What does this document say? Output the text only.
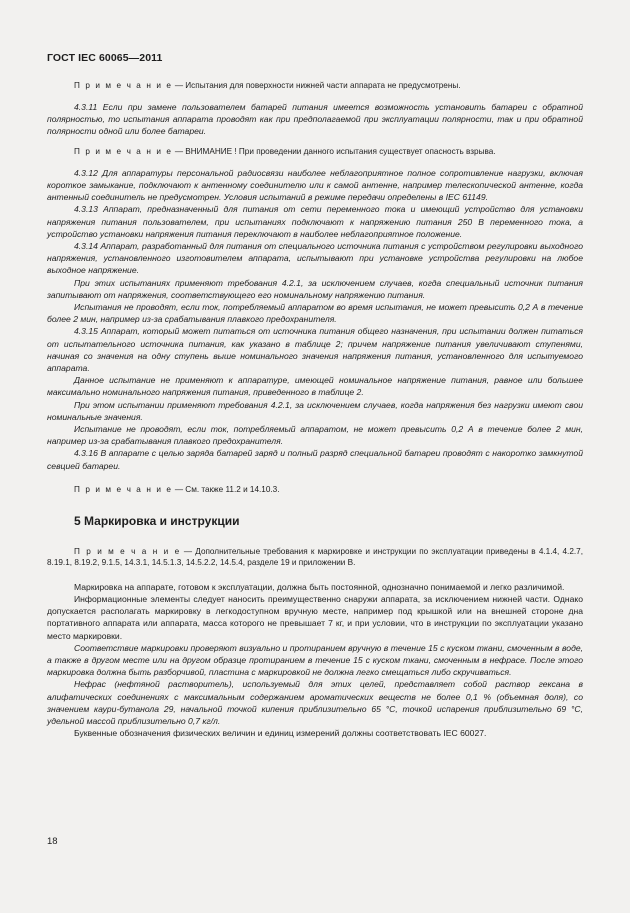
ГОСТ IEC 60065—2011

П р и м е ч а н и е — Испытания для поверхности нижней части аппарата не предусмотрены.

4.3.11 Если при замене пользователем батарей питания имеется возможность установить батареи с обратной полярностью, то испытания аппарата проводят как при предполагаемой при эксплуатации полярности, так и при обратной полярности одной или более батареи.

П р и м е ч а н и е — ВНИМАНИЕ ! При проведении данного испытания существует опасность взрыва.

4.3.12 Для аппаратуры персональной радиосвязи наиболее неблагоприятное полное сопротивление нагрузки, включая короткое замыкание, подключают к антенному соединителю или к самой антенне, например телескопической антенне, когда антенный соединитель не предусмотрен. Условия испытаний в режиме передачи определены в IEC 61149.

4.3.13 Аппарат, предназначенный для питания от сети переменного тока и имеющий устройство для установки напряжения питания пользователем, при испытаниях подключают к напряжению питания 250 В переменного тока, а устройство установки напряжения питания переключают в наиболее неблагоприятное положение.

4.3.14 Аппарат, разработанный для питания от специального источника питания с устройством регулировки выходного напряжения, установленного изготовителем аппарата, испытывают при установке устройства регулировки на любое выходное напряжение.

При этих испытаниях применяют требования 4.2.1, за исключением случаев, когда специальный источник питания запитывают от напряжения, соответствующего его номинальному напряжению питания.

Испытания не проводят, если ток, потребляемый аппаратом во время испытания, не может превысить 0,2 А в течение более 2 мин, например из-за срабатывания плавкого предохранителя.

4.3.15 Аппарат, который может питаться от источника питания общего назначения, при испытании должен питаться от испытательного источника питания, как указано в таблице 2; причем напряжение питания увеличивают ступенями, начиная со значения на одну ступень выше номинального значения напряжения питания, установленного для испытуемого аппарата.

Данное испытание не применяют к аппаратуре, имеющей номинальное напряжение питания, равное или большее максимально номинального напряжения питания, приведенного в таблице 2.

При этом испытании применяют требования 4.2.1, за исключением случаев, когда напряжения без нагрузки имеют свои номинальные значения.

Испытание не проводят, если ток, потребляемый аппаратом, не может превысить 0,2 А в течение более 2 мин, например из-за срабатывания плавкого предохранителя.

4.3.16 В аппарате с целью заряда батарей заряд и полный разряд специальной батареи проводят с накоротко замкнутой севцией батареи.

П р и м е ч а н и е — См. также 11.2 и 14.10.3.

5 Маркировка и инструкции

П р и м е ч а н и е — Дополнительные требования к маркировке и инструкции по эксплуатации приведены в 4.1.4, 4.2.7, 8.19.1, 8.19.2, 9.1.5, 14.3.1, 14.5.1.3, 14.5.2.2, 14.5.4, разделе 19 и приложении В.

Маркировка на аппарате, готовом к эксплуатации, должна быть постоянной, однозначно понимаемой и легко различимой.

Информационные элементы следует наносить преимущественно снаружи аппарата, за исключением нижней части. Однако допускается располагать маркировку в легкодоступном вручную месте, например под крышкой или на внешней стороне дна портативного аппарата или аппарата, масса которого не превышает 7 кг, и при условии, что в инструкции по эксплуатации указано место маркировки.

Соответствие маркировки проверяют визуально и протиранием вручную в течение 15 с куском ткани, смоченным в воде, а также в другом месте или на другом образце протиранием в течение 15 с куском ткани, смоченным в нефрасе. После этого маркировка должна быть разборчивой, пластина с маркировкой не должна легко смещаться либо скручиваться.

Нефрас (нефтяной растворитель), используемый для этих целей, представляет собой раствор гексана в алифатических соединениях с максимальным содержанием ароматических веществ не более 0,1 % (объемная доля), со значением каури-бутанола 29, начальной точкой кипения приблизительно 65 °С, точкой испарения приблизительно 69 °С, удельной массой приблизительно 0,7 кг/л.

Буквенные обозначения физических величин и единиц измерений должны соответствовать IEC 60027.

18
